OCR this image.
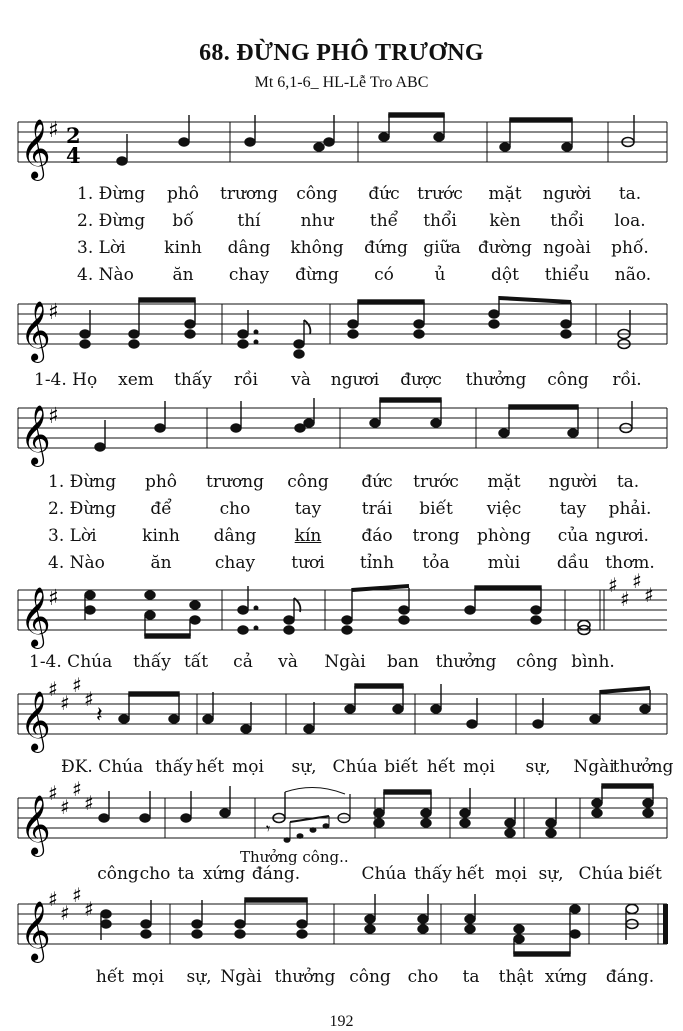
68. ĐỪNG PHÔ TRƯƠNG
Mt 6,1-6_ HL-Lễ Tro ABC
𝄞
♯ 2
4
1. Đừng phô trương công đức trước mặt người ta.
2. Đừng bố	thí như thể thổi kèn thổi loa.
3. Lời kinh dâng không đứng giữa đường ngoài phố.
4. Nào ăn chay đừng có ủ	dột thiểu não.
𝄞
♯
1-4. Họ xem thấy rồi và ngươi được thưởng công rồi.
𝄞
♯
1. Đừng phô trương công đức trước mặt người ta.
2. Đừng để	cho	tay trái biết việc tay phải.
3. Lời	kinh dâng kín đáo trong phòng của ngươi.
4. Nào	ăn	chay tươi tỉnh tỏa mùi dầu thơm.
𝄞
♯
♯
♯
♯
♯
1-4. Chúa thấy tất cả và Ngài ban thưởng công bình.
𝄞
♯
♯
♯
♯
𝄽
ĐK. Chúa thấy hết mọi sự, Chúa biết hết mọi sự, Ngài
thưởng
𝄞
♯
♯
♯
♯
𝄾
Thưởng công..
công cho ta xứng đáng.	Chúa thấy hết mọi sự, Chúa biết
𝄞
♯
♯
♯
♯
hết mọi sự, Ngài thưởng công cho ta thật xứng đáng.
192
